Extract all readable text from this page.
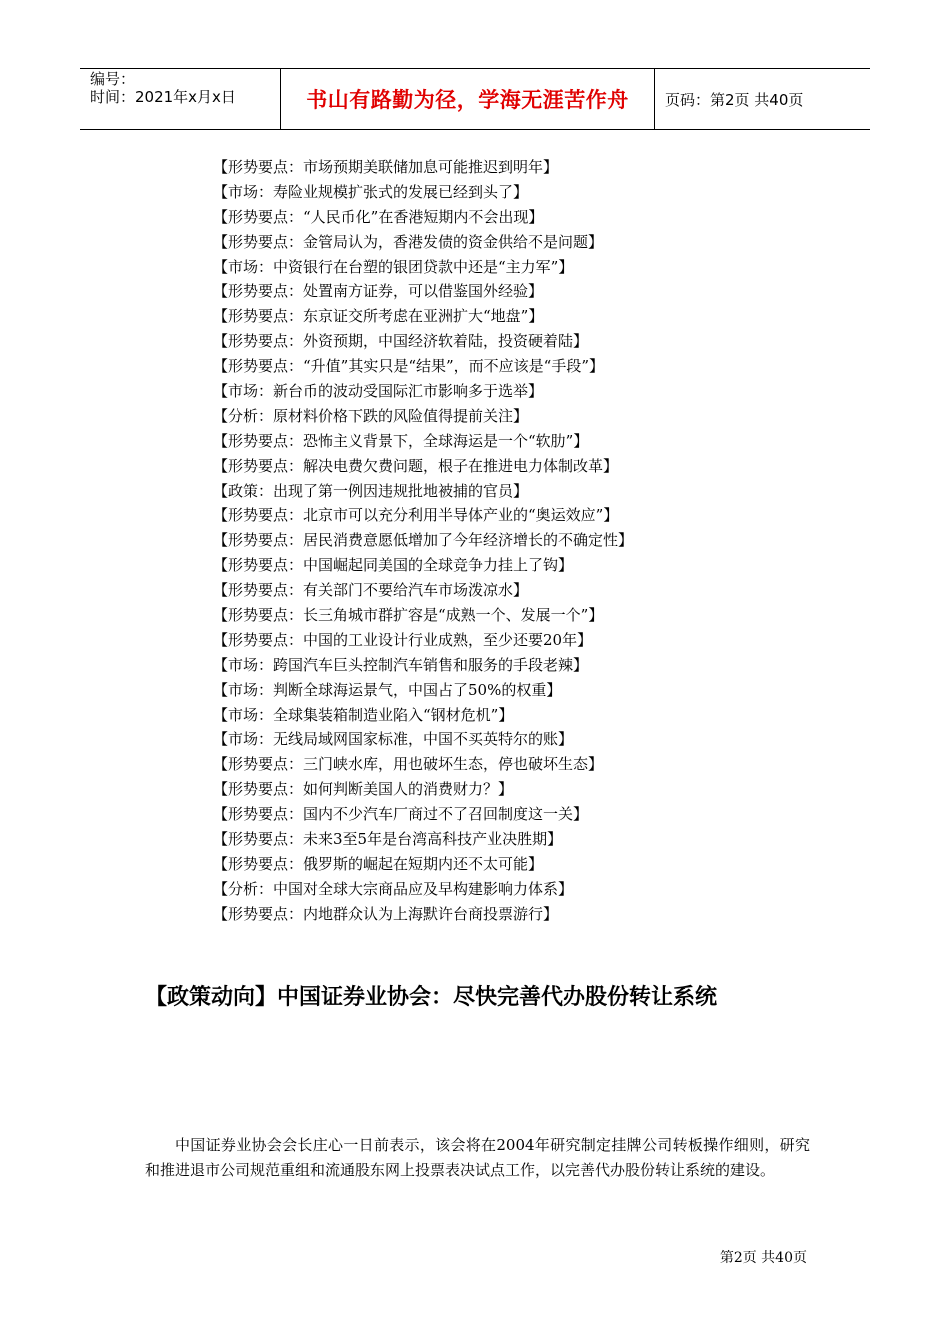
编号：
时间：2021年x月x日	书山有路勤为径，学海无涯苦作舟	页码：第2页 共40页
【形势要点：市场预期美联储加息可能推迟到明年】
【市场：寿险业规模扩张式的发展已经到头了】
【形势要点：“人民币化”在香港短期内不会出现】
【形势要点：金管局认为，香港发债的资金供给不是问题】
【市场：中资银行在台塑的银团贷款中还是“主力军”】
【形势要点：处置南方证券，可以借鉴国外经验】
【形势要点：东京证交所考虑在亚洲扩大“地盘”】
【形势要点：外资预期，中国经济软着陆，投资硬着陆】
【形势要点：“升值”其实只是“结果”，而不应该是“手段”】
【市场：新台币的波动受国际汇市影响多于选举】
【分析：原材料价格下跌的风险值得提前关注】
【形势要点：恐怖主义背景下，全球海运是一个“软肋”】
【形势要点：解决电费欠费问题，根子在推进电力体制改革】
【政策：出现了第一例因违规批地被捕的官员】
【形势要点：北京市可以充分利用半导体产业的“奥运效应”】
【形势要点：居民消费意愿低增加了今年经济增长的不确定性】
【形势要点：中国崛起同美国的全球竞争力挂上了钩】
【形势要点：有关部门不要给汽车市场泼凉水】
【形势要点：长三角城市群扩容是“成熟一个、发展一个”】
【形势要点：中国的工业设计行业成熟，至少还要20年】
【市场：跨国汽车巨头控制汽车销售和服务的手段老辣】
【市场：判断全球海运景气，中国占了50%的权重】
【市场：全球集装箱制造业陷入“钢材危机”】
【市场：无线局域网国家标准，中国不买英特尔的账】
【形势要点：三门峡水库，用也破坏生态，停也破坏生态】
【形势要点：如何判断美国人的消费财力？】
【形势要点：国内不少汽车厂商过不了召回制度这一关】
【形势要点：未来3至5年是台湾高科技产业决胜期】
【形势要点：俄罗斯的崛起在短期内还不太可能】
【分析：中国对全球大宗商品应及早构建影响力体系】
【形势要点：内地群众认为上海默许台商投票游行】
【政策动向】中国证券业协会：尽快完善代办股份转让系统

中国证券业协会会长庄心一日前表示，该会将在2004年研究制定挂牌公司转板操作细则，研究和推进退市公司规范重组和流通股东网上投票表决试点工作，以完善代办股份转让系统的建设。

第2页 共40页
